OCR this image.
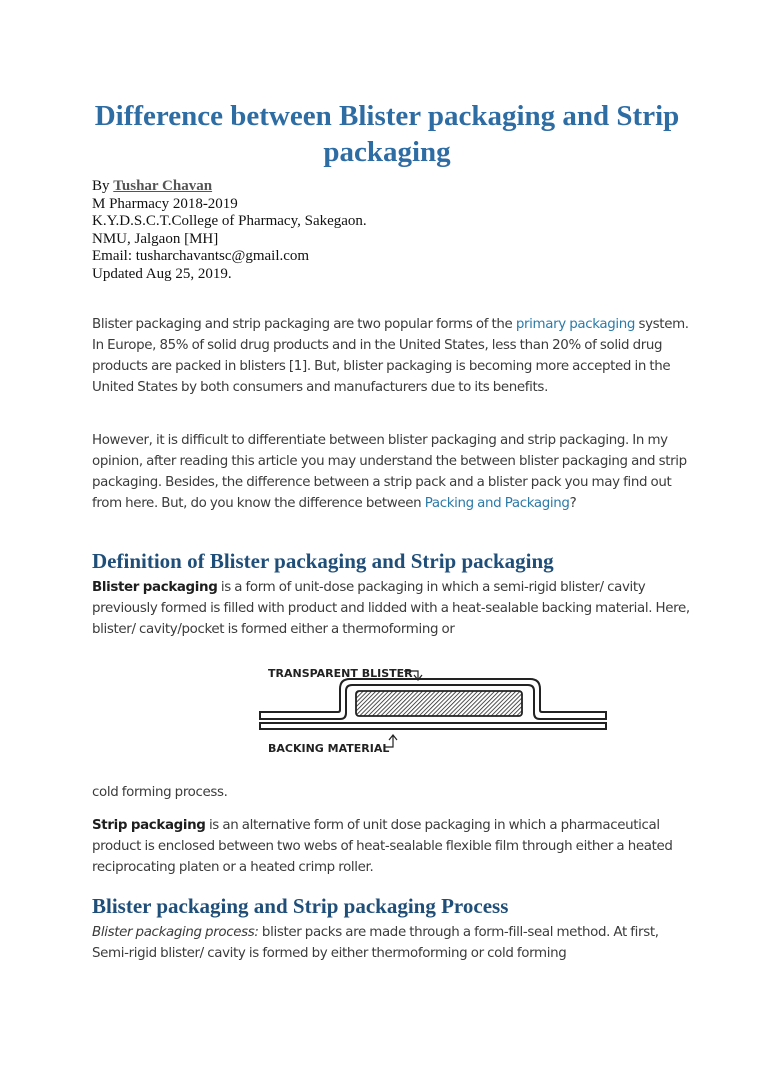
Difference between Blister packaging and Strip packaging
By Tushar Chavan
M Pharmacy 2018-2019
K.Y.D.S.C.T.College of Pharmacy, Sakegaon.
NMU, Jalgaon [MH]
Email: tusharchavantsc@gmail.com
Updated Aug 25, 2019.

Blister packaging and strip packaging are two popular forms of the primary packaging system. In Europe, 85% of solid drug products and in the United States, less than 20% of solid drug products are packed in blisters [1]. But, blister packaging is becoming more accepted in the United States by both consumers and manufacturers due to its benefits.

However, it is difficult to differentiate between blister packaging and strip packaging. In my opinion, after reading this article you may understand the between blister packaging and strip packaging. Besides, the difference between a strip pack and a blister pack you may find out from here. But, do you know the difference between Packing and Packaging?

Definition of Blister packaging and Strip packaging

Blister packaging is a form of unit-dose packaging in which a semi-rigid blister/ cavity previously formed is filled with product and lidded with a heat-sealable backing material. Here, blister/ cavity/pocket is formed either a thermoforming or

TRANSPARENT BLISTER
BACKING MATERIAL

cold forming process.

Strip packaging is an alternative form of unit dose packaging in which a pharmaceutical product is enclosed between two webs of heat-sealable flexible film through either a heated reciprocating platen or a heated crimp roller.

Blister packaging and Strip packaging Process

Blister packaging process: blister packs are made through a form-fill-seal method. At first, Semi-rigid blister/ cavity is formed by either thermoforming or cold forming
